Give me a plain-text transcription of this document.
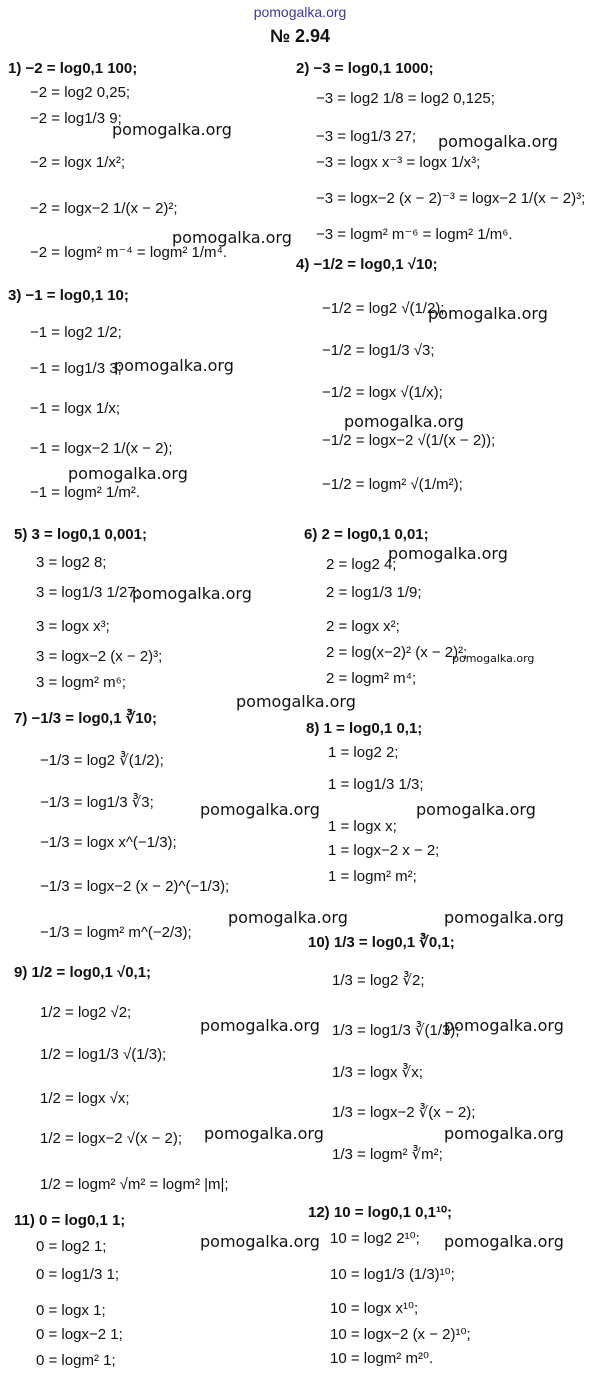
pomogalka.org
№ 2.94
1) −2 = log0,1 100;
−2 = log2 0,25;
−2 = log1/3 9;
−2 = logx 1/x²;
−2 = logx−2 1/(x − 2)²;
−2 = logm² m⁻⁴ = logm² 1/m⁴.
3) −1 = log0,1 10;
−1 = log2 1/2;
−1 = log1/3 3;
−1 = logx 1/x;
−1 = logx−2 1/(x − 2);
−1 = logm² 1/m².
5) 3 = log0,1 0,001;
3 = log2 8;
3 = log1/3 1/27;
3 = logx x³;
3 = logx−2 (x − 2)³;
3 = logm² m⁶;
7) −1/3 = log0,1 ∛10;
−1/3 = log2 ∛(1/2);
−1/3 = log1/3 ∛3;
−1/3 = logx x^(−1/3);
−1/3 = logx−2 (x − 2)^(−1/3);
−1/3 = logm² m^(−2/3);
9) 1/2 = log0,1 √0,1;
1/2 = log2 √2;
1/2 = log1/3 √(1/3);
1/2 = logx √x;
1/2 = logx−2 √(x − 2);
1/2 = logm² √m² = logm² |m|;
11) 0 = log0,1 1;
0 = log2 1;
0 = log1/3 1;
0 = logx 1;
0 = logx−2 1;
0 = logm² 1;
2) −3 = log0,1 1000;
−3 = log2 1/8 = log2 0,125;
−3 = log1/3 27;
−3 = logx x⁻³ = logx 1/x³;
−3 = logx−2 (x − 2)⁻³ = logx−2 1/(x − 2)³;
−3 = logm² m⁻⁶ = logm² 1/m⁶.
4) −1/2 = log0,1 √10;
−1/2 = log2 √(1/2);
−1/2 = log1/3 √3;
−1/2 = logx √(1/x);
−1/2 = logx−2 √(1/(x − 2));
−1/2 = logm² √(1/m²);
6) 2 = log0,1 0,01;
2 = log2 4;
2 = log1/3 1/9;
2 = logx x²;
2 = log(x−2)² (x − 2)²;
2 = logm² m⁴;
8) 1 = log0,1 0,1;
1 = log2 2;
1 = log1/3 1/3;
1 = logx x;
1 = logx−2 x − 2;
1 = logm² m²;
10) 1/3 = log0,1 ∛0,1;
1/3 = log2 ∛2;
1/3 = log1/3 ∛(1/3);
1/3 = logx ∛x;
1/3 = logx−2 ∛(x − 2);
1/3 = logm² ∛m²;
12) 10 = log0,1 0,1¹⁰;
10 = log2 2¹⁰;
10 = log1/3 (1/3)¹⁰;
10 = logx x¹⁰;
10 = logx−2 (x − 2)¹⁰;
10 = logm² m²⁰.
pomogalka.org
pomogalka.org
pomogalka.org
pomogalka.org
pomogalka.org
pomogalka.org
pomogalka.org
pomogalka.org
pomogalka.org
pomogalka.org
pomogalka.org
pomogalka.org	pomogalka.org
pomogalka.org	pomogalka.org
pomogalka.org	pomogalka.org
pomogalka.org	pomogalka.org
pomogalka.org	pomogalka.org
